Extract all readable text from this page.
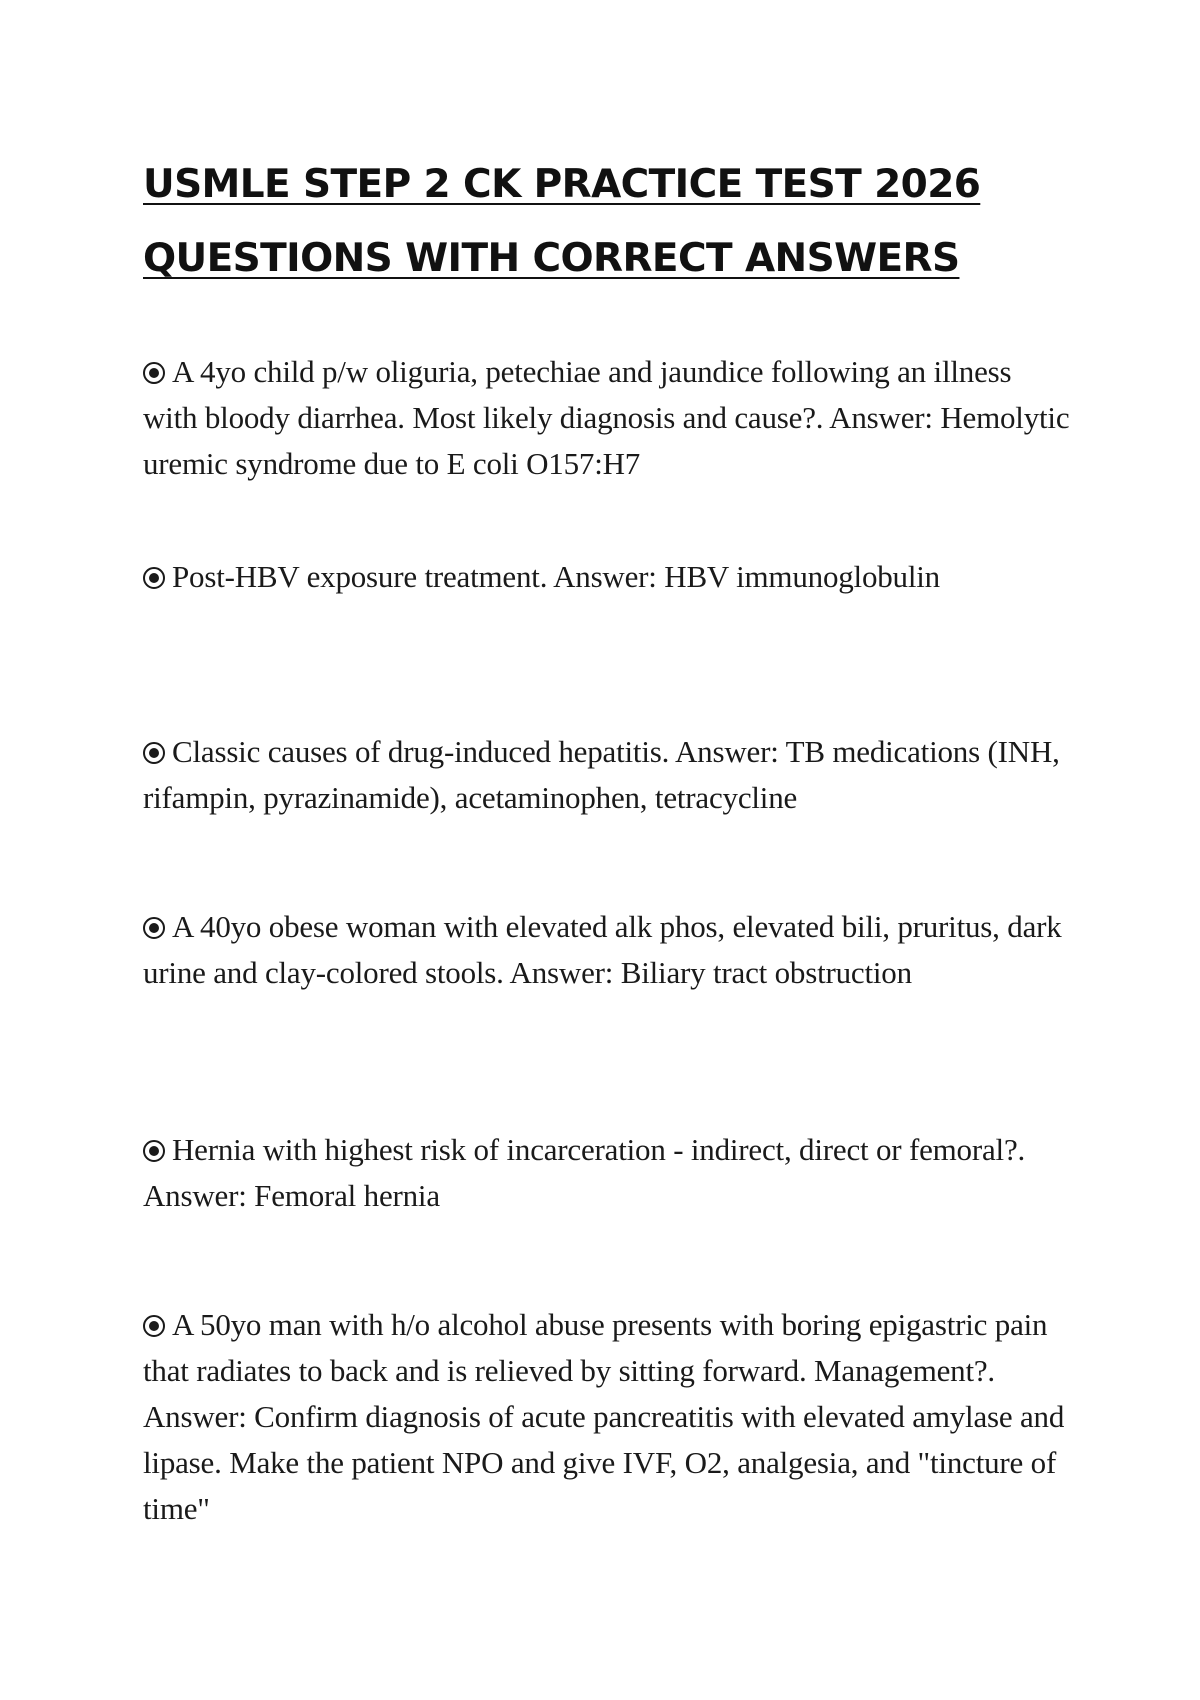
USMLE STEP 2 CK PRACTICE TEST 2026
QUESTIONS WITH CORRECT ANSWERS

A 4yo child p/w oliguria, petechiae and jaundice following an illness with bloody diarrhea. Most likely diagnosis and cause?. Answer: Hemolytic uremic syndrome due to E coli O157:H7

Post-HBV exposure treatment. Answer: HBV immunoglobulin

Classic causes of drug-induced hepatitis. Answer: TB medications (INH, rifampin, pyrazinamide), acetaminophen, tetracycline

A 40yo obese woman with elevated alk phos, elevated bili, pruritus, dark urine and clay-colored stools. Answer: Biliary tract obstruction

Hernia with highest risk of incarceration - indirect, direct or femoral?. Answer: Femoral hernia

A 50yo man with h/o alcohol abuse presents with boring epigastric pain that radiates to back and is relieved by sitting forward. Management?. Answer: Confirm diagnosis of acute pancreatitis with elevated amylase and lipase. Make the patient NPO and give IVF, O2, analgesia, and "tincture of time"
